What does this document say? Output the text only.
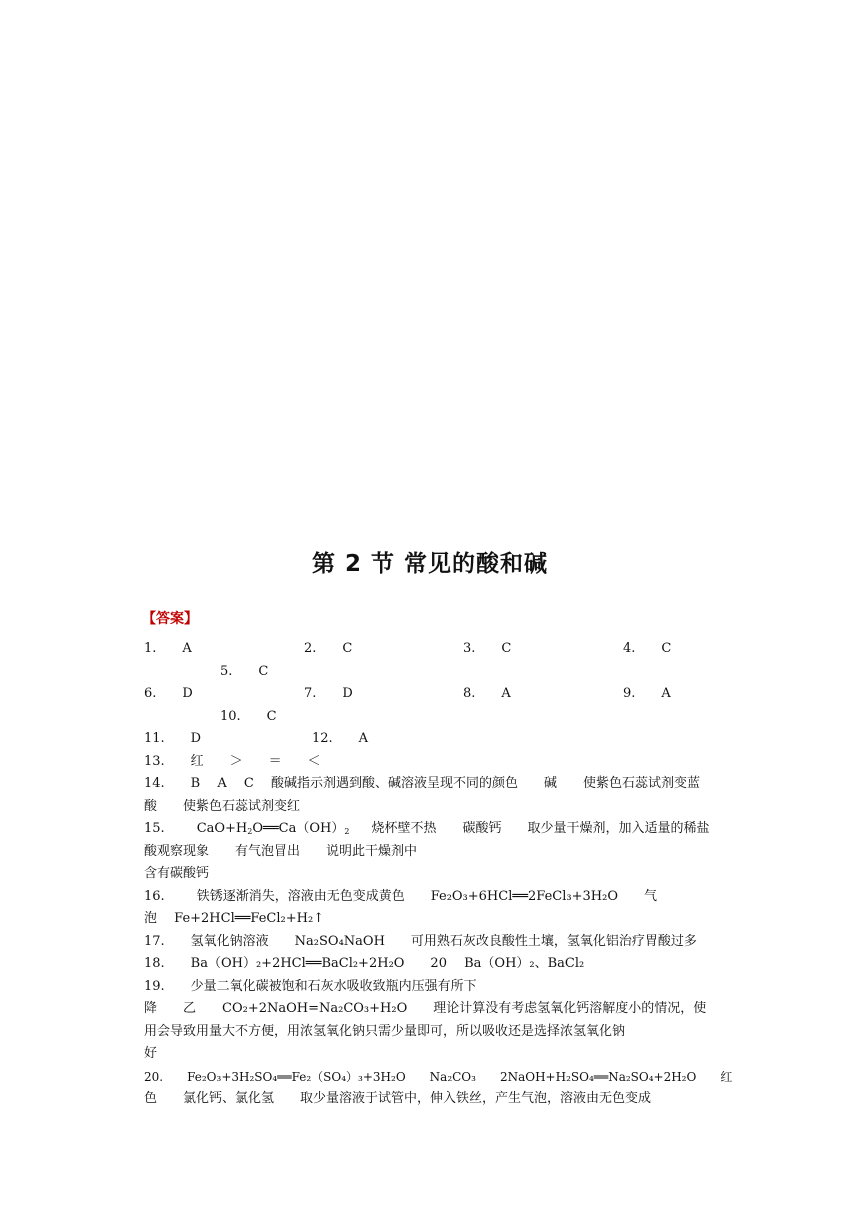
第 2 节 常见的酸和碱
【答案】
1.　　A	2.　　C	3.　　C	4.　　C
5.　　C
6.　　D	7.　　D	8.　　A	9.　　A
10.　　C
11.　　D	12.　　A
13.　　红　　＞　　＝　　＜
14.　　B　 A　 C　 酸碱指示剂遇到酸、碱溶液呈现不同的颜色　　碱　　使紫色石蕊试剂变蓝　　酸　　使紫色石蕊试剂变红
15. $CaO+H_2O══Ca(OH)_2$ 烧杯壁不热　　碳酸钙　　取少量干燥剂，加入适量的稀盐酸观察现象　　有气泡冒出　　说明此干燥剂中
含有碳酸钙
16. 铁锈逐渐消失，溶液由无色变成黄色　　Fe₂O₃+6HCl══2FeCl₃+3H₂O　　气
泡　 Fe+2HCl══FeCl₂+H₂↑
17.　　氢氧化钠溶液　　Na₂SO₄NaOH　　可用熟石灰改良酸性土壤，氢氧化铝治疗胃酸过多
18.　　Ba（OH）₂+2HCl══BaCl₂+2H₂O　　20　 Ba（OH）₂、BaCl₂
19.　　少量二氧化碳被饱和石灰水吸收致瓶内压强有所下
降　　乙　　CO₂+2NaOH=Na₂CO₃+H₂O　　理论计算没有考虑氢氧化钙溶解度小的情况，使用会导致用量大不方便，用浓氢氧化钠只需少量即可，所以吸收还是选择浓氢氧化钠
好
20.　　Fe₂O₃+3H₂SO₄══Fe₂（SO₄）₃+3H₂O　　Na₂CO₃　　2NaOH+H₂SO₄══Na₂SO₄+2H₂O　　红
色　　氯化钙、氯化氢　　取少量溶液于试管中，伸入铁丝，产生气泡，溶液由无色变成
